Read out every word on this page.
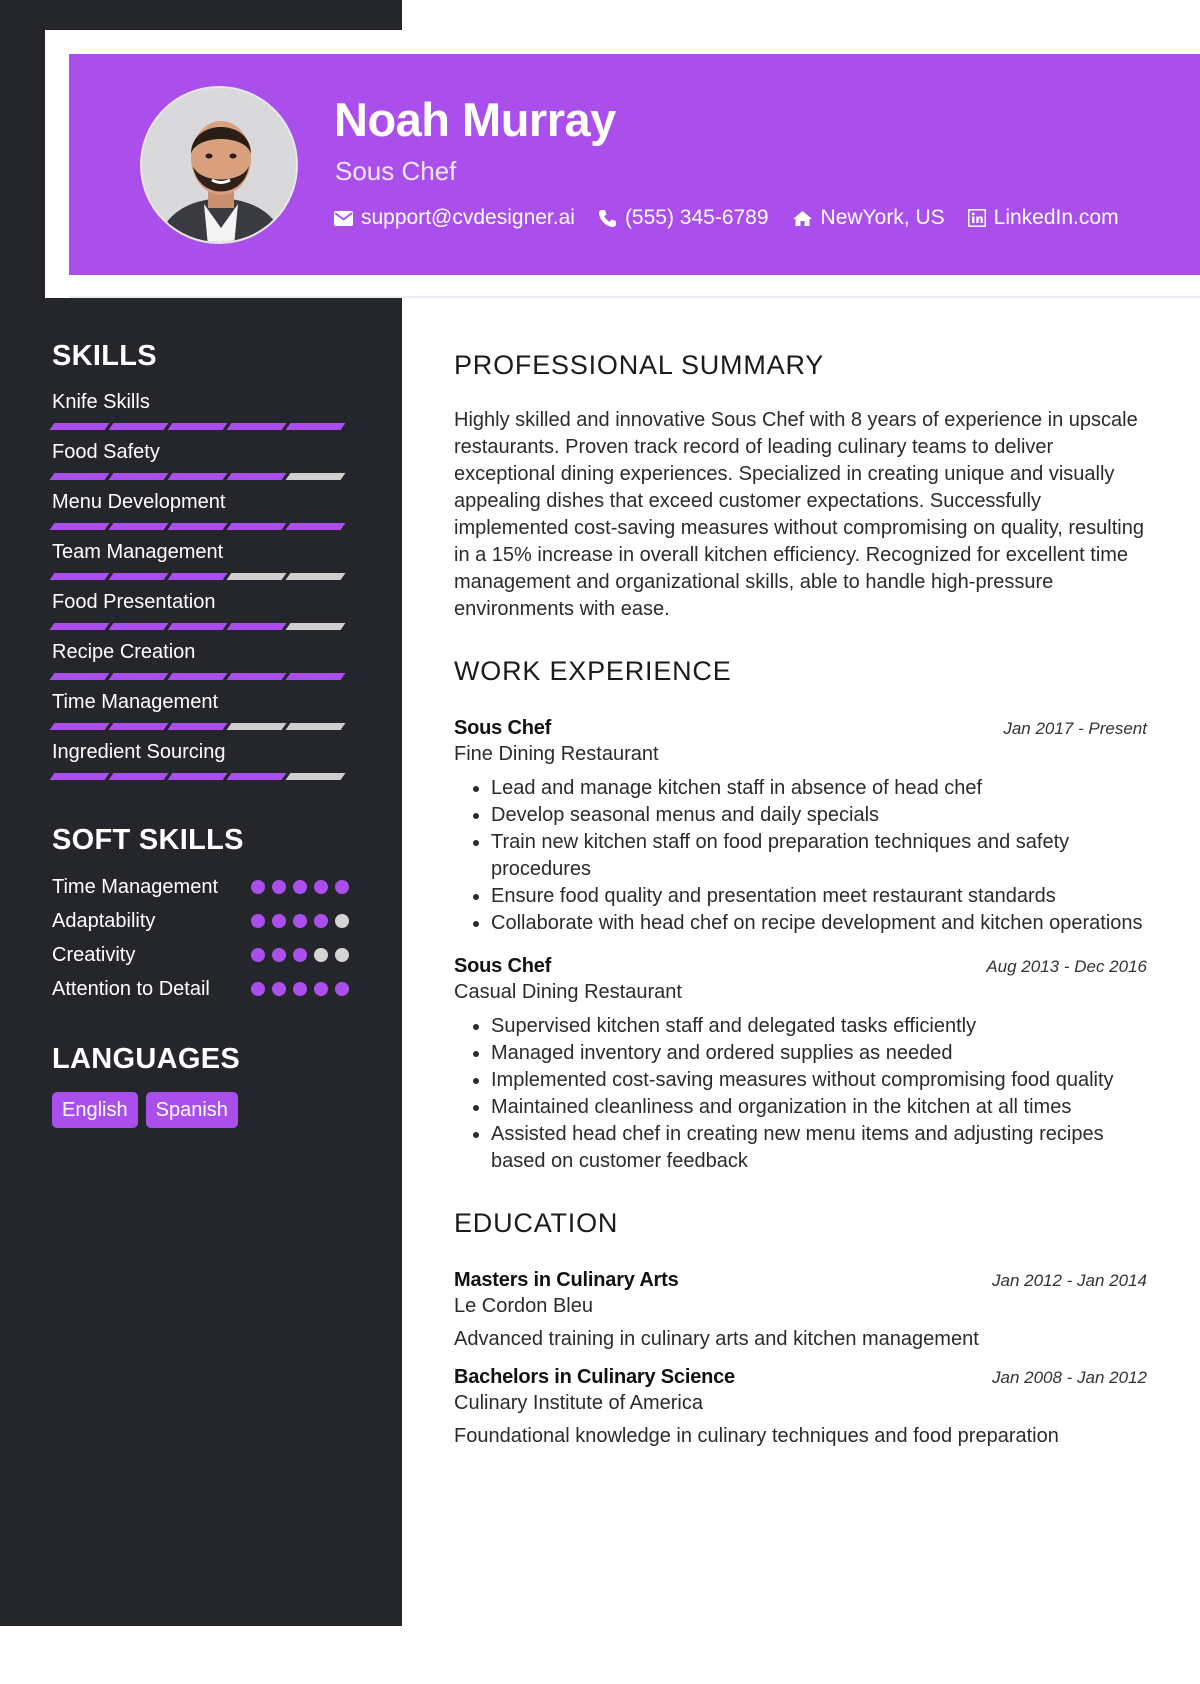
Noah Murray
Sous Chef
support@cvdesigner.ai (555) 345-6789 NewYork, US LinkedIn.com
SKILLS
Knife Skills
Food Safety
Menu Development
Team Management
Food Presentation
Recipe Creation
Time Management
Ingredient Sourcing
SOFT SKILLS
Time Management
Adaptability
Creativity
Attention to Detail
LANGUAGES
English	Spanish
PROFESSIONAL SUMMARY

Highly skilled and innovative Sous Chef with 8 years of experience in upscale restaurants. Proven track record of leading culinary teams to deliver exceptional dining experiences. Specialized in creating unique and visually appealing dishes that exceed customer expectations. Successfully implemented cost-saving measures without compromising on quality, resulting in a 15% increase in overall kitchen efficiency. Recognized for excellent time management and organizational skills, able to handle high-pressure environments with ease.

WORK EXPERIENCE
Sous Chef	Jan 2017 - Present
Fine Dining Restaurant
• Lead and manage kitchen staff in absence of head chef
• Develop seasonal menus and daily specials
• Train new kitchen staff on food preparation techniques and safety procedures
• Ensure food quality and presentation meet restaurant standards
• Collaborate with head chef on recipe development and kitchen operations
Sous Chef	Aug 2013 - Dec 2016
Casual Dining Restaurant
• Supervised kitchen staff and delegated tasks efficiently
• Managed inventory and ordered supplies as needed
• Implemented cost-saving measures without compromising food quality
• Maintained cleanliness and organization in the kitchen at all times
• Assisted head chef in creating new menu items and adjusting recipes based on customer feedback
EDUCATION
Masters in Culinary Arts	Jan 2012 - Jan 2014
Le Cordon Bleu
Advanced training in culinary arts and kitchen management
Bachelors in Culinary Science	Jan 2008 - Jan 2012
Culinary Institute of America
Foundational knowledge in culinary techniques and food preparation
